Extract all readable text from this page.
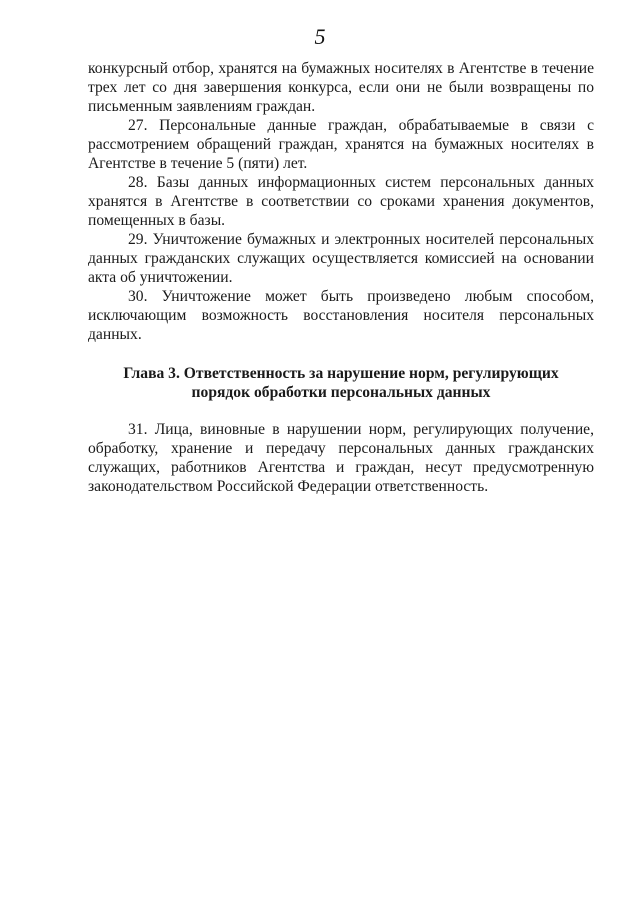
5

конкурсный отбор, хранятся на бумажных носителях в Агентстве в течение трех лет со дня завершения конкурса, если они не были возвращены по письменным заявлениям граждан.

27. Персональные данные граждан, обрабатываемые в связи с рассмотрением обращений граждан, хранятся на бумажных носителях в Агентстве в течение 5 (пяти) лет.

28. Базы данных информационных систем персональных данных хранятся в Агентстве в соответствии со сроками хранения документов, помещенных в базы.

29. Уничтожение бумажных и электронных носителей персональных данных гражданских служащих осуществляется комиссией на основании акта об уничтожении.

30. Уничтожение может быть произведено любым способом, исключающим возможность восстановления носителя персональных данных.

Глава 3. Ответственность за нарушение норм, регулирующих
порядок обработки персональных данных

31. Лица, виновные в нарушении норм, регулирующих получение, обработку, хранение и передачу персональных данных гражданских служащих, работников Агентства и граждан, несут предусмотренную законодательством Российской Федерации ответственность.
